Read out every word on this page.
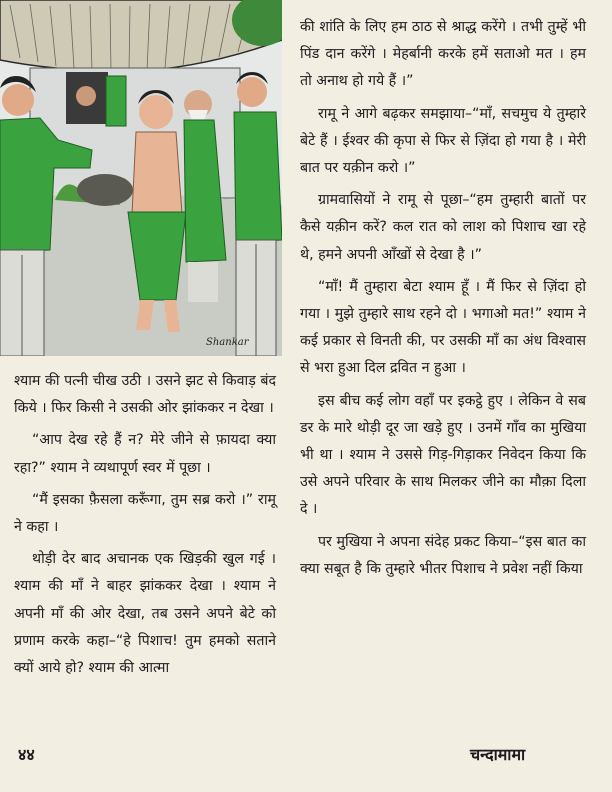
Shankar

श्याम की पत्नी चीख उठी । उसने झट से किवाड़ बंद किये । फिर किसी ने उसकी ओर झांककर न देखा ।

“आप देख रहे हैं न? मेरे जीने से फ़ायदा क्या रहा?” श्याम ने व्यथापूर्ण स्वर में पूछा ।

“मैं इसका फ़ैसला करूँगा, तुम सब्र करो ।” रामू ने कहा ।

थोड़ी देर बाद अचानक एक खिड़की खुल गई । श्याम की माँ ने बाहर झांककर देखा । श्याम ने अपनी माँ की ओर देखा, तब उसने अपने बेटे को प्रणाम करके कहा–“हे पिशाच! तुम हमको सताने क्यों आये हो? श्याम की आत्मा

की शांति के लिए हम ठाठ से श्राद्ध करेंगे । तभी तुम्हें भी पिंड दान करेंगे । मेहर्बानी करके हमें सताओ मत । हम तो अनाथ हो गये हैं ।”

रामू ने आगे बढ़कर समझाया–“माँ, सचमुच ये तुम्हारे बेटे हैं । ईश्वर की कृपा से फिर से ज़िंदा हो गया है । मेरी बात पर यक़ीन करो ।”

ग्रामवासियों ने रामू से पूछा–“हम तुम्हारी बातों पर कैसे यक़ीन करें? कल रात को लाश को पिशाच खा रहे थे, हमने अपनी आँखों से देखा है ।”

“माँ! मैं तुम्हारा बेटा श्याम हूँ । मैं फिर से ज़िंदा हो गया । मुझे तुम्हारे साथ रहने दो । भगाओ मत!” श्याम ने कई प्रकार से विनती की, पर उसकी माँ का अंध विश्वास से भरा हुआ दिल द्रवित न हुआ ।

इस बीच कई लोग वहाँ पर इकट्ठे हुए । लेकिन वे सब डर के मारे थोड़ी दूर जा खड़े हुए । उनमें गाँव का मुखिया भी था । श्याम ने उससे गिड़-गिड़ाकर निवेदन किया कि उसे अपने परिवार के साथ मिलकर जीने का मौक़ा दिला दे ।

पर मुखिया ने अपना संदेह प्रकट किया–“इस बात का क्या सबूत है कि तुम्हारे भीतर पिशाच ने प्रवेश नहीं किया

४४	चन्दामामा
